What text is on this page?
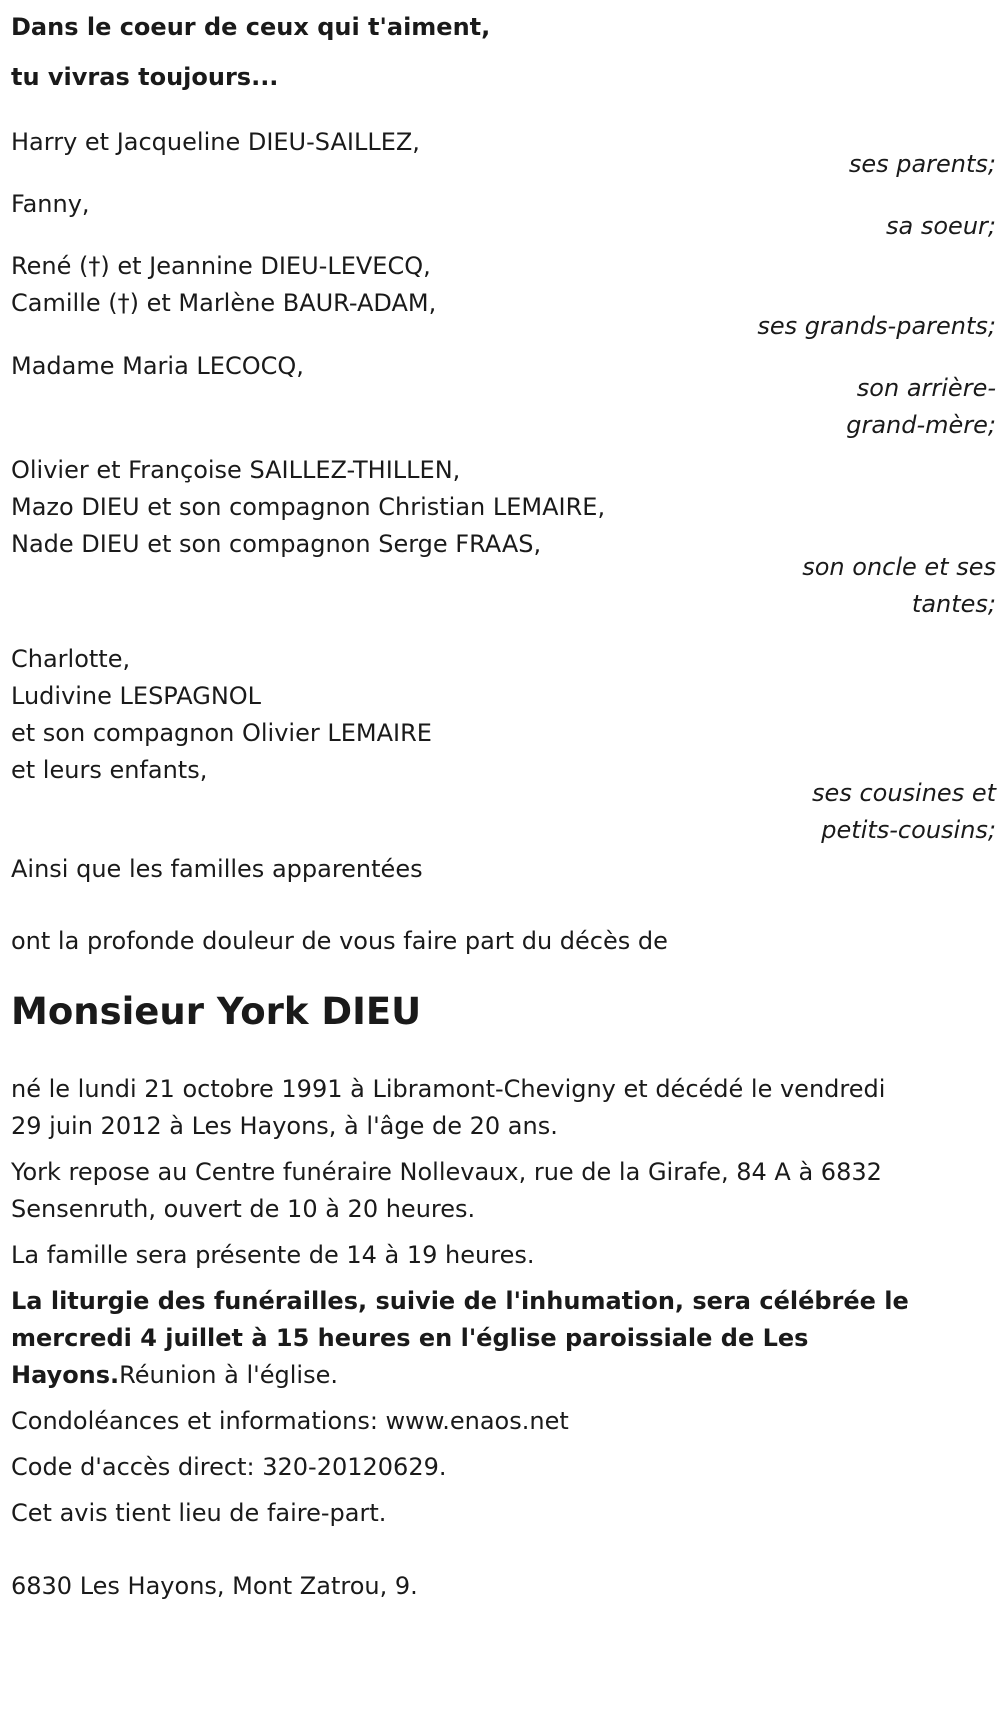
Dans le coeur de ceux qui t'aiment,
tu vivras toujours...
Harry et Jacqueline DIEU-SAILLEZ,
ses parents;
Fanny,
sa soeur;
René (†) et Jeannine DIEU-LEVECQ,
Camille (†) et Marlène BAUR-ADAM,
ses grands-parents;
Madame Maria LECOCQ,
son arrière-
grand-mère;
Olivier et Françoise SAILLEZ-THILLEN,
Mazo DIEU et son compagnon Christian LEMAIRE,
Nade DIEU et son compagnon Serge FRAAS,
son oncle et ses
tantes;
Charlotte,
Ludivine LESPAGNOL
et son compagnon Olivier LEMAIRE
et leurs enfants,
ses cousines et
petits-cousins;

Ainsi que les familles apparentées

ont la profonde douleur de vous faire part du décès de

Monsieur York DIEU

né le lundi 21 octobre 1991 à Libramont-Chevigny et décédé le vendredi 29 juin 2012 à Les Hayons, à l'âge de 20 ans.

York repose au Centre funéraire Nollevaux, rue de la Girafe, 84 A à 6832 Sensenruth, ouvert de 10 à 20 heures.

La famille sera présente de 14 à 19 heures.

La liturgie des funérailles, suivie de l'inhumation, sera célébrée le mercredi 4 juillet à 15 heures en l'église paroissiale de Les Hayons.Réunion à l'église.

Condoléances et informations: www.enaos.net

Code d'accès direct: 320-20120629.

Cet avis tient lieu de faire-part.

6830 Les Hayons, Mont Zatrou, 9.
